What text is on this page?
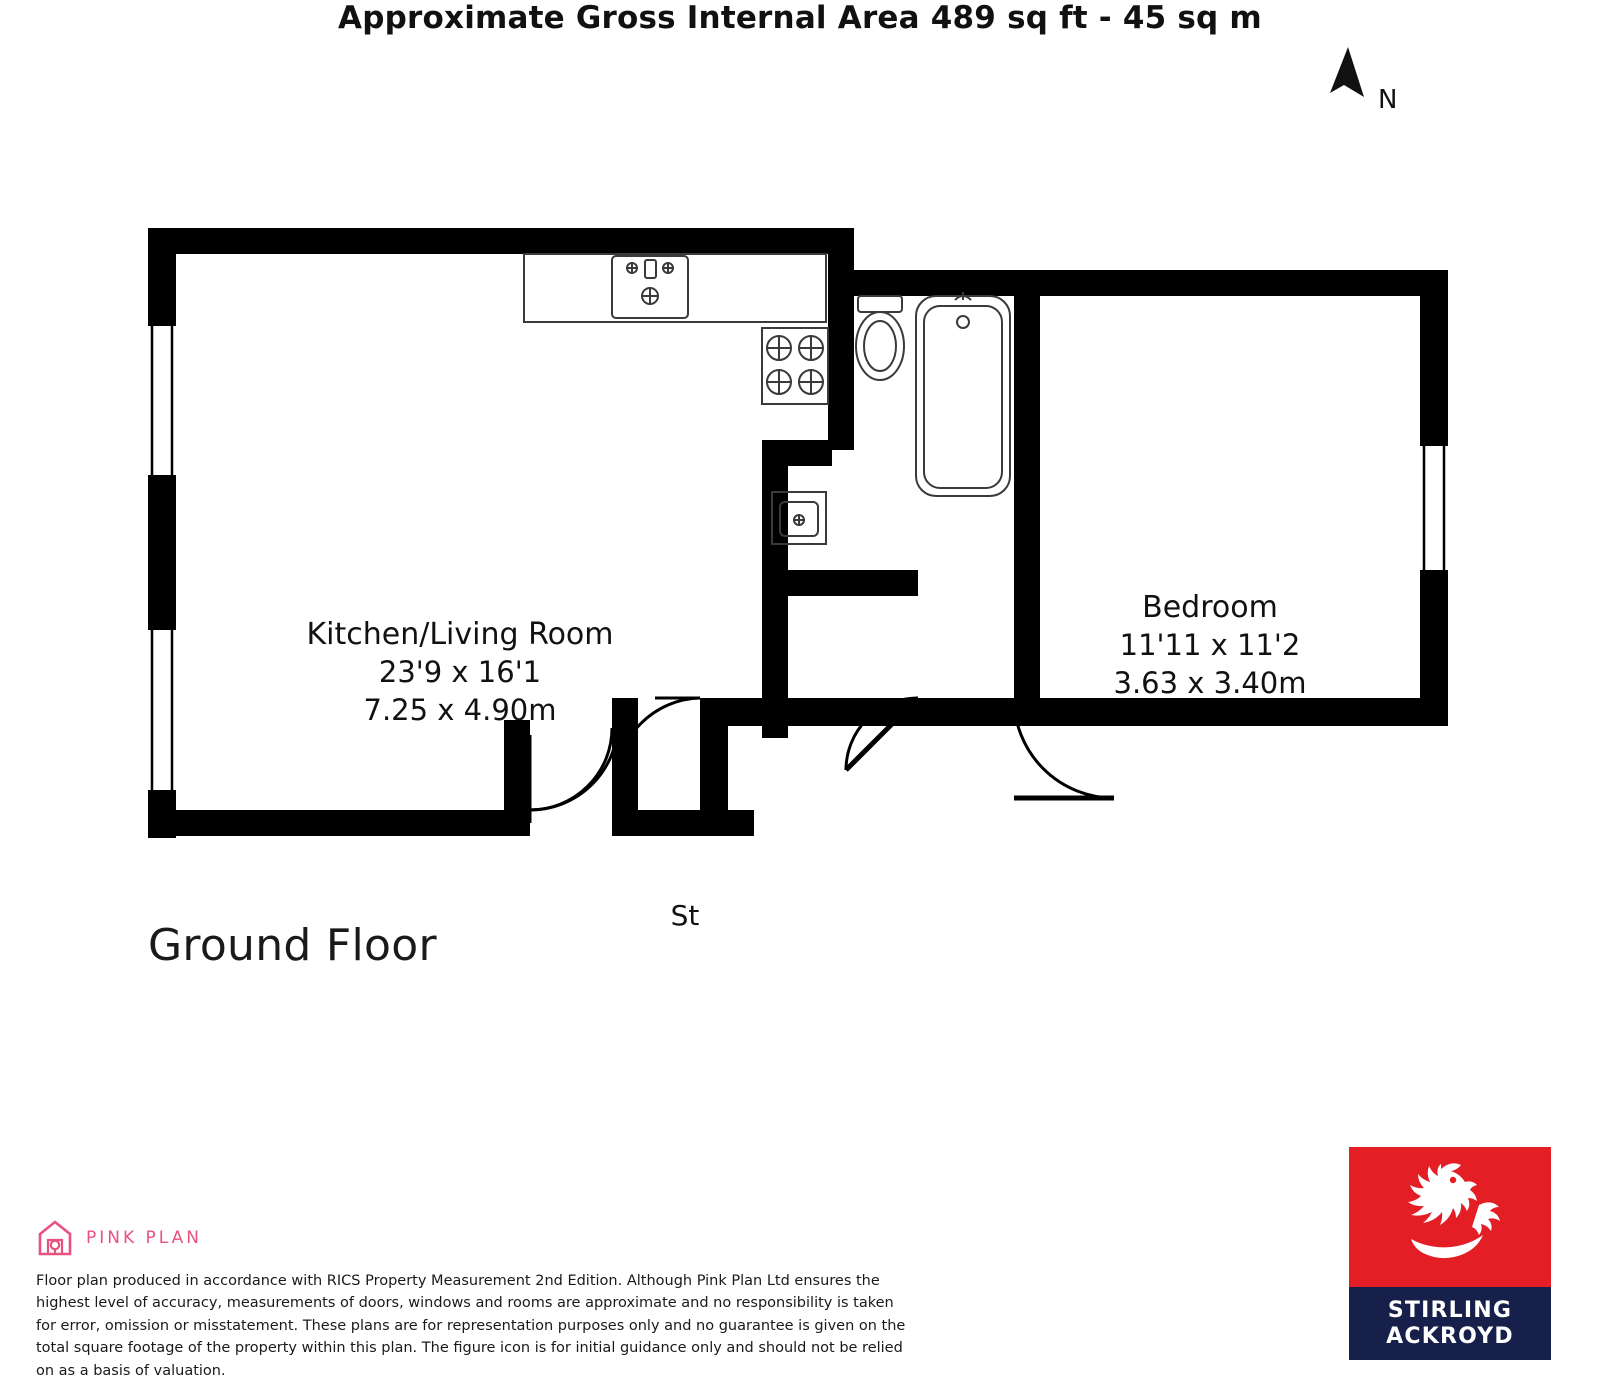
Approximate Gross Internal Area 489 sq ft - 45 sq m
N
Kitchen/Living Room
23'9 x 16'1
7.25 x 4.90m
Bedroom
11'11 x 11'2
3.63 x 3.40m
St
Ground Floor
PINK PLAN
Floor plan produced in accordance with RICS Property Measurement 2nd Edition. Although Pink Plan Ltd ensures the highest level of accuracy, measurements of doors, windows and rooms are approximate and no responsibility is taken for error, omission or misstatement. These plans are for representation purposes only and no guarantee is given on the total square footage of the property within this plan. The figure icon is for initial guidance only and should not be relied on as a basis of valuation.
STIRLING
ACKROYD
